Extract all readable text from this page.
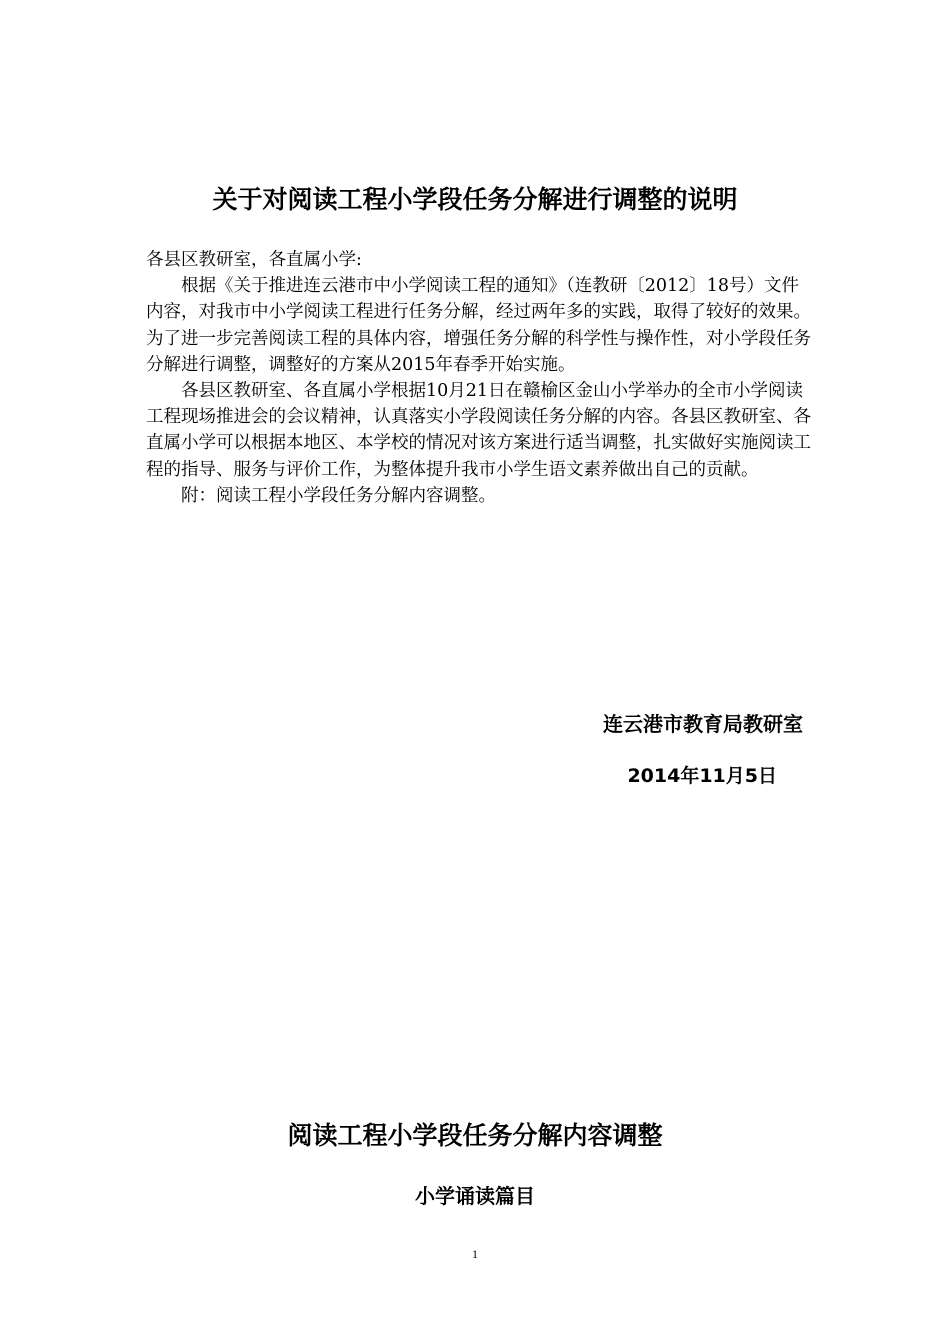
关于对阅读工程小学段任务分解进行调整的说明

各县区教研室，各直属小学:

根据《关于推进连云港市中小学阅读工程的通知》（连教研〔2012〕18号）文件内容，对我市中小学阅读工程进行任务分解，经过两年多的实践，取得了较好的效果。为了进一步完善阅读工程的具体内容，增强任务分解的科学性与操作性，对小学段任务分解进行调整，调整好的方案从2015年春季开始实施。

各县区教研室、各直属小学根据10月21日在赣榆区金山小学举办的全市小学阅读工程现场推进会的会议精神，认真落实小学段阅读任务分解的内容。各县区教研室、各直属小学可以根据本地区、本学校的情况对该方案进行适当调整，扎实做好实施阅读工程的指导、服务与评价工作，为整体提升我市小学生语文素养做出自己的贡献。

附：阅读工程小学段任务分解内容调整。

连云港市教育局教研室
2014年11月5日
阅读工程小学段任务分解内容调整
小学诵读篇目
1
